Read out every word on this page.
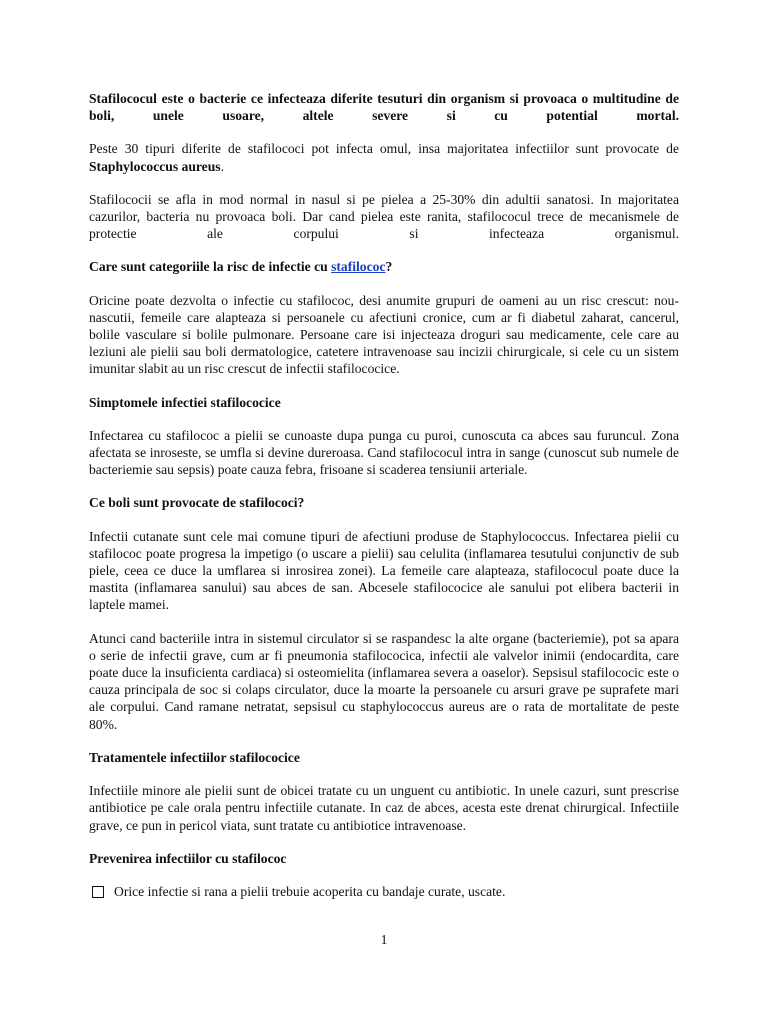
Stafilococul este o bacterie ce infecteaza diferite tesuturi din organism si provoaca o multitudine de boli, unele usoare, altele severe si cu potential mortal.

Peste 30 tipuri diferite de stafilococi pot infecta omul, insa majoritatea infectiilor sunt provocate de Staphylococcus aureus.

Stafilococii se afla in mod normal in nasul si pe pielea a 25-30% din adultii sanatosi. In majoritatea cazurilor, bacteria nu provoaca boli. Dar cand pielea este ranita, stafilococul trece de mecanismele de protectie ale corpului si infecteaza organismul.

Care sunt categoriile la risc de infectie cu stafilococ?

Oricine poate dezvolta o infectie cu stafilococ, desi anumite grupuri de oameni au un risc crescut: nou-nascutii, femeile care alapteaza si persoanele cu afectiuni cronice, cum ar fi diabetul zaharat, cancerul, bolile vasculare si bolile pulmonare. Persoane care isi injecteaza droguri sau medicamente, cele care au leziuni ale pielii sau boli dermatologice, catetere intravenoase sau incizii chirurgicale, si cele cu un sistem imunitar slabit au un risc crescut de infectii stafilococice.

Simptomele infectiei stafilococice

Infectarea cu stafilococ a pielii se cunoaste dupa punga cu puroi, cunoscuta ca abces sau furuncul. Zona afectata se inroseste, se umfla si devine dureroasa. Cand stafilococul intra in sange (cunoscut sub numele de bacteriemie sau sepsis) poate cauza febra, frisoane si scaderea tensiunii arteriale.

Ce boli sunt provocate de stafilococi?

Infectii cutanate sunt cele mai comune tipuri de afectiuni produse de Staphylococcus. Infectarea pielii cu stafilococ poate progresa la impetigo (o uscare a pielii) sau celulita (inflamarea tesutului conjunctiv de sub piele, ceea ce duce la umflarea si inrosirea zonei). La femeile care alapteaza, stafilococul poate duce la mastita (inflamarea sanului) sau abces de san. Abcesele stafilococice ale sanului pot elibera bacterii in laptele mamei.

Atunci cand bacteriile intra in sistemul circulator si se raspandesc la alte organe (bacteriemie), pot sa apara o serie de infectii grave, cum ar fi pneumonia stafilococica, infectii ale valvelor inimii (endocardita, care poate duce la insuficienta cardiaca) si osteomielita (inflamarea severa a oaselor). Sepsisul stafilococic este o cauza principala de soc si colaps circulator, duce la moarte la persoanele cu arsuri grave pe suprafete mari ale corpului. Cand ramane netratat, sepsisul cu staphylococcus aureus are o rata de mortalitate de peste 80%.

Tratamentele infectiilor stafilococice

Infectiile minore ale pielii sunt de obicei tratate cu un unguent cu antibiotic. In unele cazuri, sunt prescrise antibiotice pe cale orala pentru infectiile cutanate. In caz de abces, acesta este drenat chirurgical. Infectiile grave, ce pun in pericol viata, sunt tratate cu antibiotice intravenoase.

Prevenirea infectiilor cu stafilococ

Orice infectie si rana a pielii trebuie acoperita cu bandaje curate, uscate.
1
